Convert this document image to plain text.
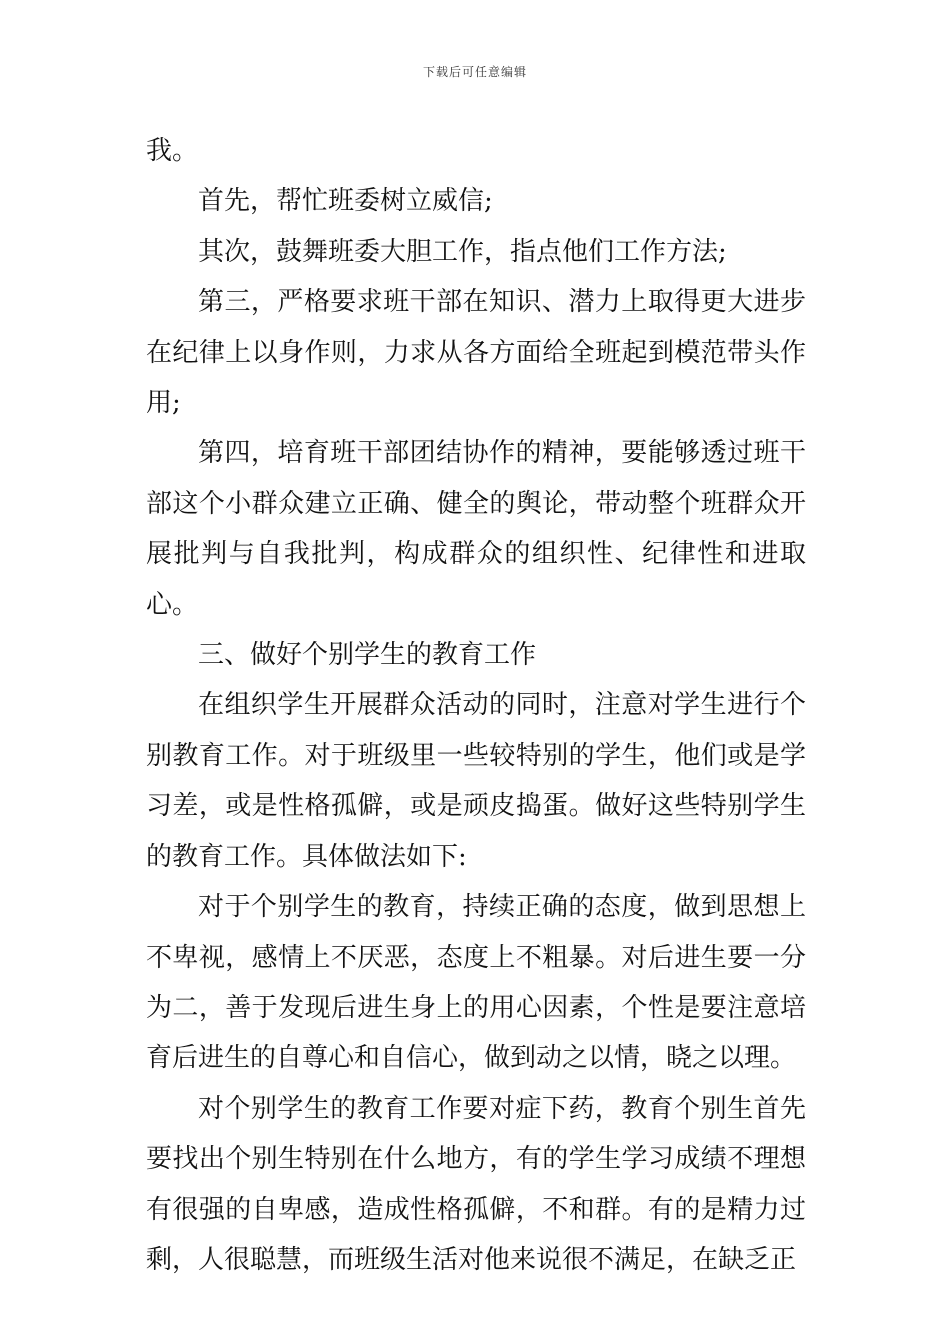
下载后可任意编辑

我。

首先，帮忙班委树立威信;

其次，鼓舞班委大胆工作，指点他们工作方法;

第三，严格要求班干部在知识、潜力上取得更大进步在纪律上以身作则，力求从各方面给全班起到模范带头作用;

第四，培育班干部团结协作的精神，要能够透过班干部这个小群众建立正确、健全的舆论，带动整个班群众开展批判与自我批判，构成群众的组织性、纪律性和进取心。

三、做好个别学生的教育工作

在组织学生开展群众活动的同时，注意对学生进行个别教育工作。对于班级里一些较特别的学生，他们或是学习差，或是性格孤僻，或是顽皮捣蛋。做好这些特别学生的教育工作。具体做法如下:

对于个别学生的教育，持续正确的态度，做到思想上不卑视，感情上不厌恶，态度上不粗暴。对后进生要一分为二，善于发现后进生身上的用心因素，个性是要注意培育后进生的自尊心和自信心，做到动之以情，晓之以理。

对个别学生的教育工作要对症下药，教育个别生首先要找出个别生特别在什么地方，有的学生学习成绩不理想有很强的自卑感，造成性格孤僻，不和群。有的是精力过剩，人很聪慧，而班级生活对他来说很不满足，在缺乏正
